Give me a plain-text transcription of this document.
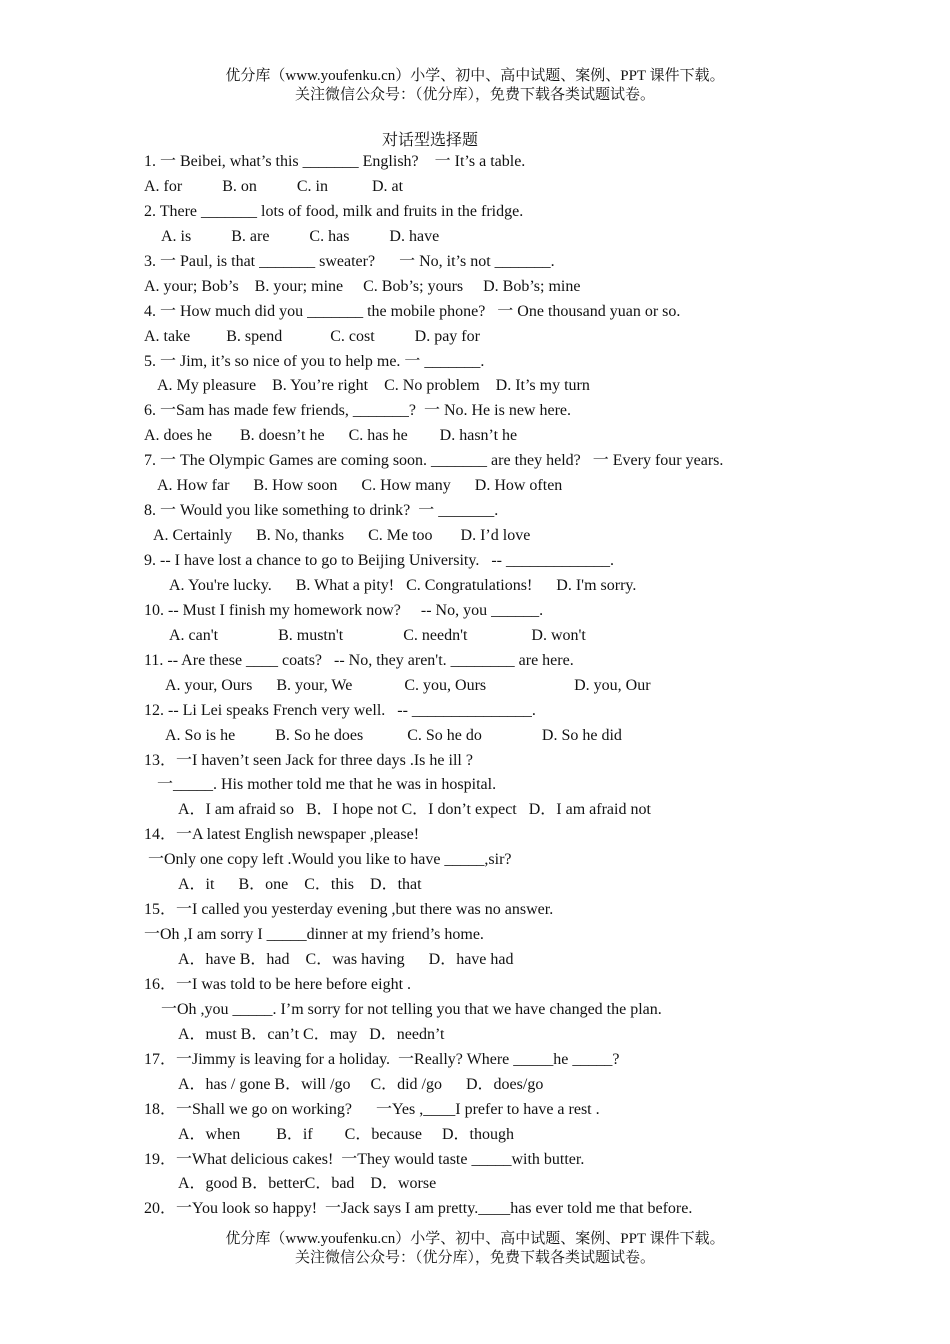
优分库（www.youfenku.cn）小学、初中、高中试题、案例、PPT 课件下载。
关注微信公众号：（优分库），免费下载各类试题试卷。
对话型选择题
1. 一 Beibei, what’s this _______ English?    一 It’s a table.
A. for          B. on          C. in           D. at
2. There _______ lots of food, milk and fruits in the fridge.
A. is          B. are          C. has          D. have
3. 一 Paul, is that _______ sweater?      一 No, it’s not _______.
A. your; Bob’s    B. your; mine     C. Bob’s; yours     D. Bob’s; mine
4. 一 How much did you _______ the mobile phone?   一 One thousand yuan or so.
A. take         B. spend            C. cost          D. pay for
5. 一 Jim, it’s so nice of you to help me. 一 _______.
A. My pleasure    B. You’re right    C. No problem    D. It’s my turn
6. 一Sam has made few friends, _______?  一 No. He is new here.
A. does he       B. doesn’t he      C. has he        D. hasn’t he
7. 一 The Olympic Games are coming soon. _______ are they held?   一 Every four years.
A. How far      B. How soon      C. How many      D. How often
8. 一 Would you like something to drink?  一 _______.
A. Certainly      B. No, thanks      C. Me too       D. I’d love
9. -- I have lost a chance to go to Beijing University.   -- _____________.
A. You're lucky.      B. What a pity!   C. Congratulations!      D. I'm sorry.
10. -- Must I finish my homework now?     -- No, you ______.
A. can't               B. mustn't               C. needn't                D. won't
11. -- Are these ____ coats?   -- No, they aren't. ________ are here.
A. your, Ours      B. your, We             C. you, Ours                      D. you, Our
12. -- Li Lei speaks French very well.   -- _______________.
A. So is he          B. So he does           C. So he do               D. So he did
13．一I haven’t seen Jack for three days .Is he ill ?
一_____. His mother told me that he was in hospital.
A．I am afraid so   B．I hope not C．I don’t expect   D．I am afraid not
14．一A latest English newspaper ,please!
一Only one copy left .Would you like to have _____,sir?
A．it      B．one    C．this    D．that
15．一I called you yesterday evening ,but there was no answer.
一Oh ,I am sorry I _____dinner at my friend’s home.
A．have B．had    C．was having      D．have had
16．一I was told to be here before eight .
一Oh ,you _____. I’m sorry for not telling you that we have changed the plan.
A．must B．can’t C．may   D．needn’t
17．一Jimmy is leaving for a holiday.  一Really? Where _____he _____?
A．has / gone B．will /go     C．did /go      D．does/go
18．一Shall we go on working?      一Yes ,____I prefer to have a rest .
A．when         B．if        C．because     D．though
19．一What delicious cakes!  一They would taste _____with butter.
A．good B．betterC．bad    D．worse
20．一You look so happy!  一Jack says I am pretty.____has ever told me that before.
优分库（www.youfenku.cn）小学、初中、高中试题、案例、PPT 课件下载。
关注微信公众号：（优分库），免费下载各类试题试卷。
